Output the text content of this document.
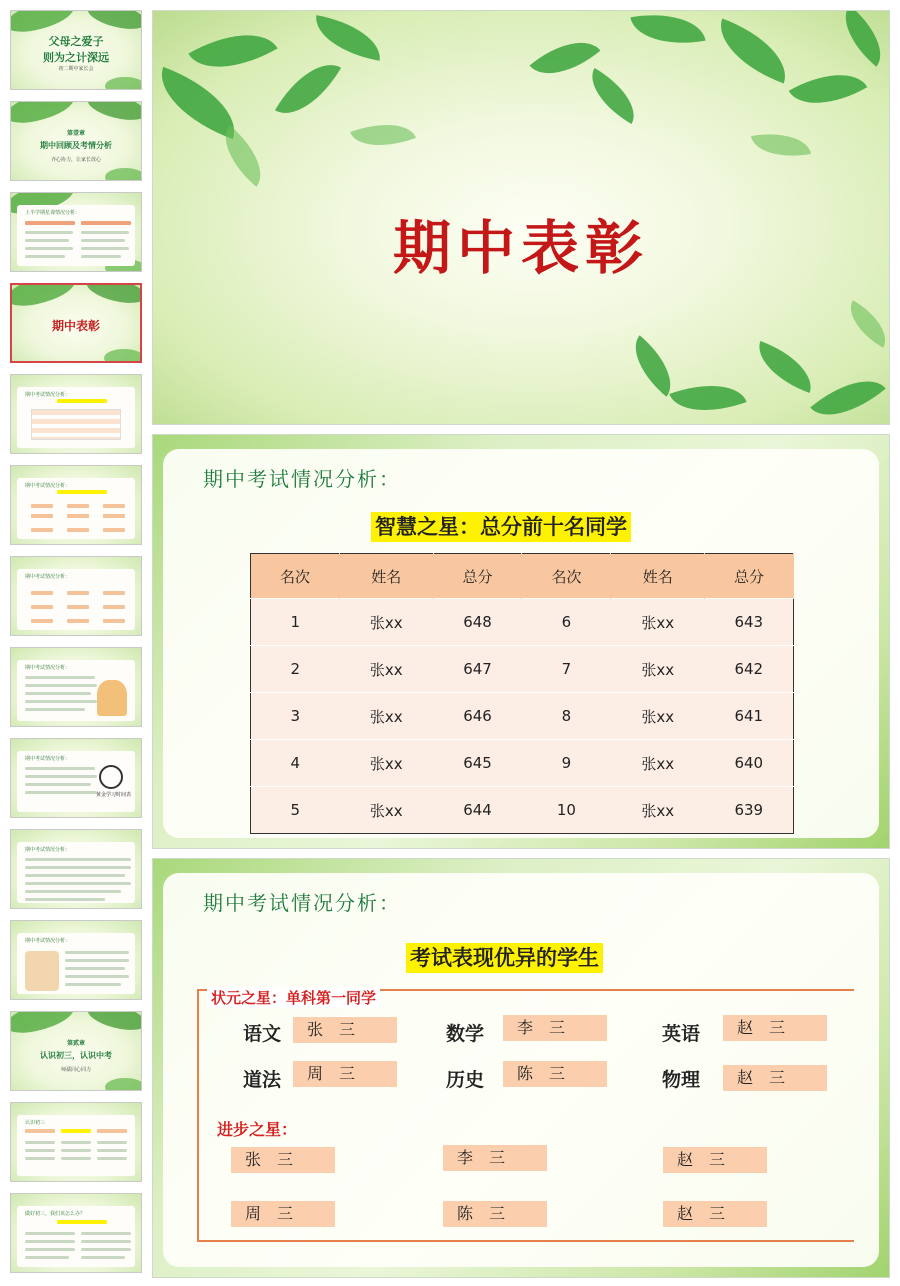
父母之爱子
则为之计深远
初二期中家长会
第壹章
期中回顾及考情分析
齐心协力，让家长放心
上半学期星课情况分析：
期中表彰
期中考试情况分析：
期中考试情况分析：
期中考试情况分析：
期中考试情况分析：
期中考试情况分析：
黄金学习时间表
期中考试情况分析：
期中考试情况分析：
第贰章
认识初三，认识中考
师孺同心同力
认识初三
做好初三，我们该怎么办？
期中表彰
期中考试情况分析：
智慧之星：总分前十名同学
名次	姓名	总分	名次	姓名	总分
1	张xx	648	6	张xx	643
2	张xx	647	7	张xx	642
3	张xx	646	8	张xx	641
4	张xx	645	9	张xx	640
5	张xx	644	10	张xx	639
期中考试情况分析：
考试表现优异的学生
状元之星：单科第一同学
语文	张　三	数学	李　三	英语	赵　三
道法	周　三	历史	陈　三	物理	赵　三
进步之星：
张　三	李　三	赵　三
周　三	陈　三	赵　三
